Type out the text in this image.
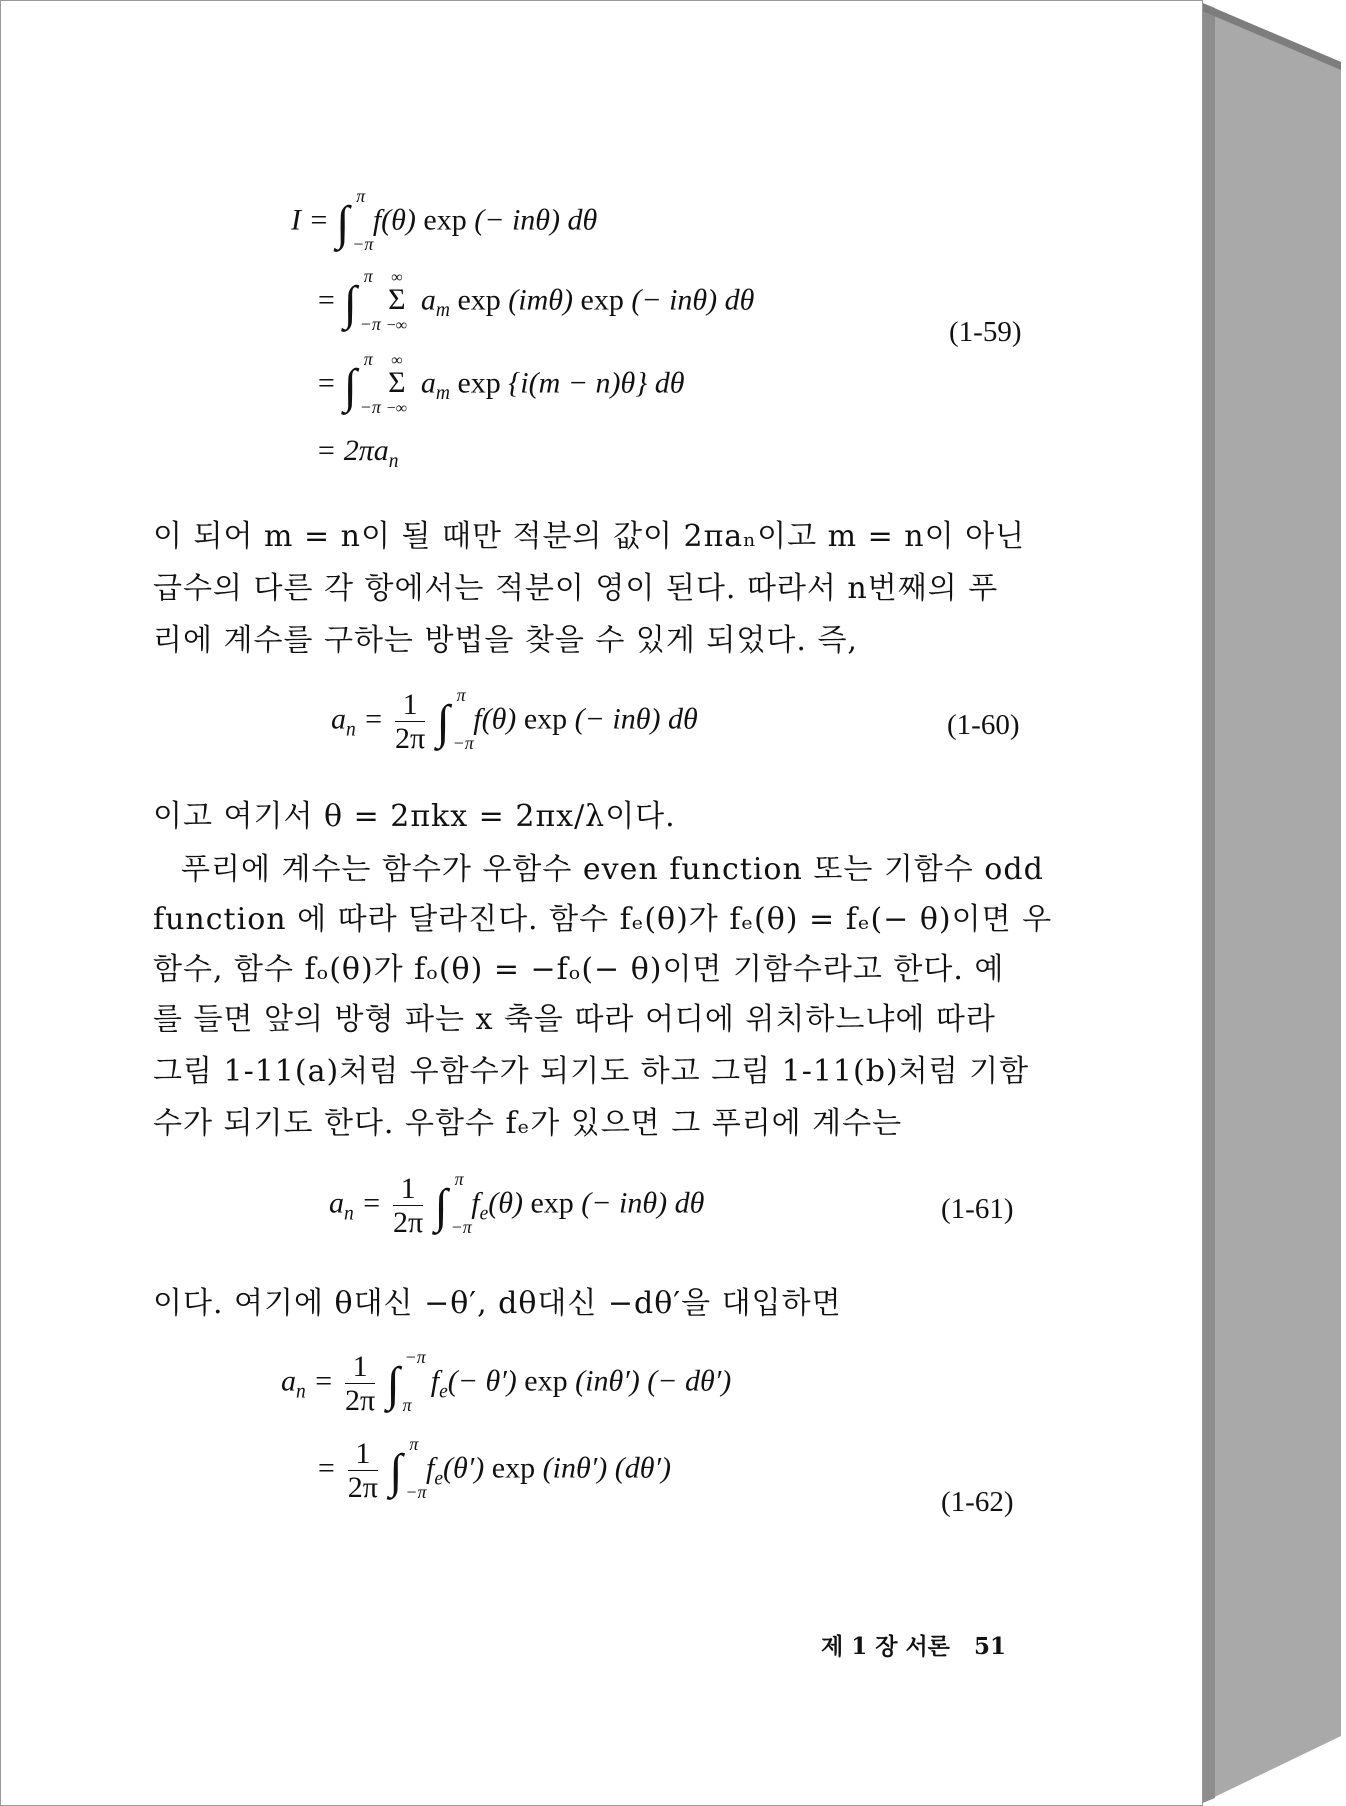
I = ∫
π
−π
f(θ) exp (− inθ) dθ
= ∫
π
−π
Σ
∞
−∞
$a_m$ exp (imθ) exp (− inθ) dθ
= ∫
π
−π
Σ
∞
−∞
$a_m$ exp {i(m − n)θ} dθ
= $2\pi a_n$
(1-59)
이 되어 m = n이 될 때만 적분의 값이 2πaₙ이고 m = n이 아닌
급수의 다른 각 항에서는 적분이 영이 된다. 따라서 n번째의 푸
리에 계수를 구하는 방법을 찾을 수 있게 되었다. 즉,
$a_n = \frac{1}{2\pi}$ ∫
π
−π
f(θ) exp (− inθ) dθ	(1-60)
이고 여기서 θ = 2πkx = 2πx/λ이다.
푸리에 계수는 함수가 우함수 even function 또는 기함수 odd
function 에 따라 달라진다. 함수 fₑ(θ)가 fₑ(θ) = fₑ(− θ)이면 우
함수, 함수 fₒ(θ)가 fₒ(θ) = −fₒ(− θ)이면 기함수라고 한다. 예
를 들면 앞의 방형 파는 x 축을 따라 어디에 위치하느냐에 따라
그림 1-11(a)처럼 우함수가 되기도 하고 그림 1-11(b)처럼 기함
수가 되기도 한다. 우함수 fₑ가 있으면 그 푸리에 계수는
$a_n = \frac{1}{2\pi}$ ∫
π
−π
$f_e(\theta)$ exp (− inθ) dθ	(1-61)
이다. 여기에 θ대신 −θ′, dθ대신 −dθ′을 대입하면
$a_n = \frac{1}{2\pi}$ ∫
−π
π
$f_e(- \theta')$ exp (inθ′) (− dθ′)
= $\frac{1}{2\pi}$ ∫
π
−π
$f_e(\theta')$ exp (inθ′) (dθ′)
(1-62)
제 1 장 서론 51
